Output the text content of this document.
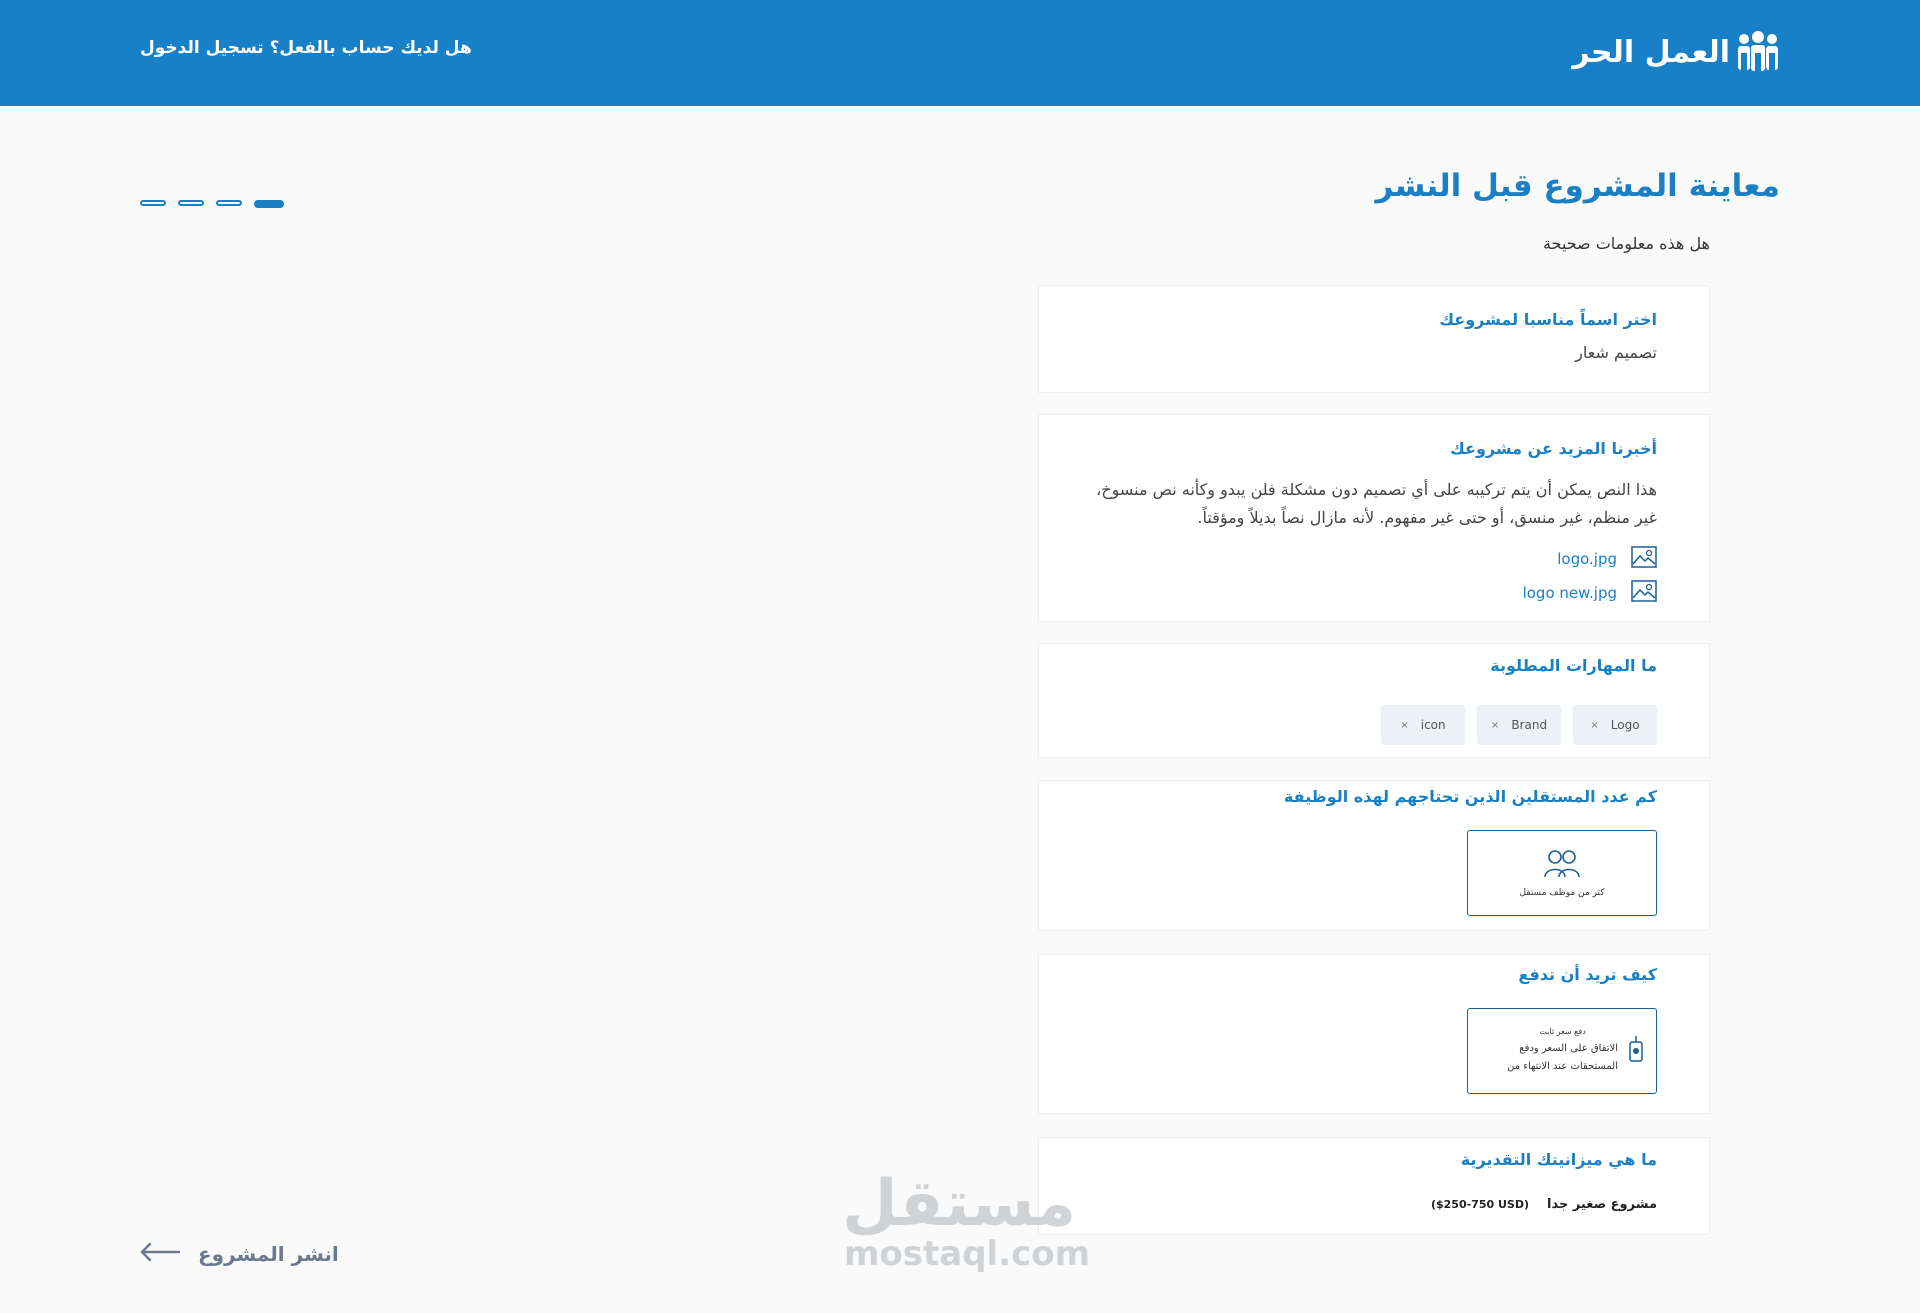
العمل الحر
هل لديك حساب بالفعل؟ تسجيل الدخول
معاينة المشروع قبل النشر
هل هذه معلومات صحيحة
اختر اسماً مناسبا لمشروعك
تصميم شعار
أخبرنا المزيد عن مشروعك
هذا النص يمكن أن يتم تركيبه على أي تصميم دون مشكلة فلن يبدو وكأنه نص منسوخ، غير منظم، غير منسق، أو حتى غير مفهوم. لأنه مازال نصاً بديلاً ومؤقتاً.
logo.jpg
logo new.jpg
ما المهارات المطلوبة
× Logo
× Brand
× icon
كم عدد المستقلين الذين تحتاجهم لهذه الوظيفة
كثر من موظف مستقل
كيف تريد أن تدفع
دفع سعر ثابت
الاتفاق على السعر ودفع
المستحقات عند الانتهاء من
ما هي ميزانيتك التقديرية
مشروع صغير جدا
($250-750 USD)
انشر المشروع
مستقل
mostaql.com
